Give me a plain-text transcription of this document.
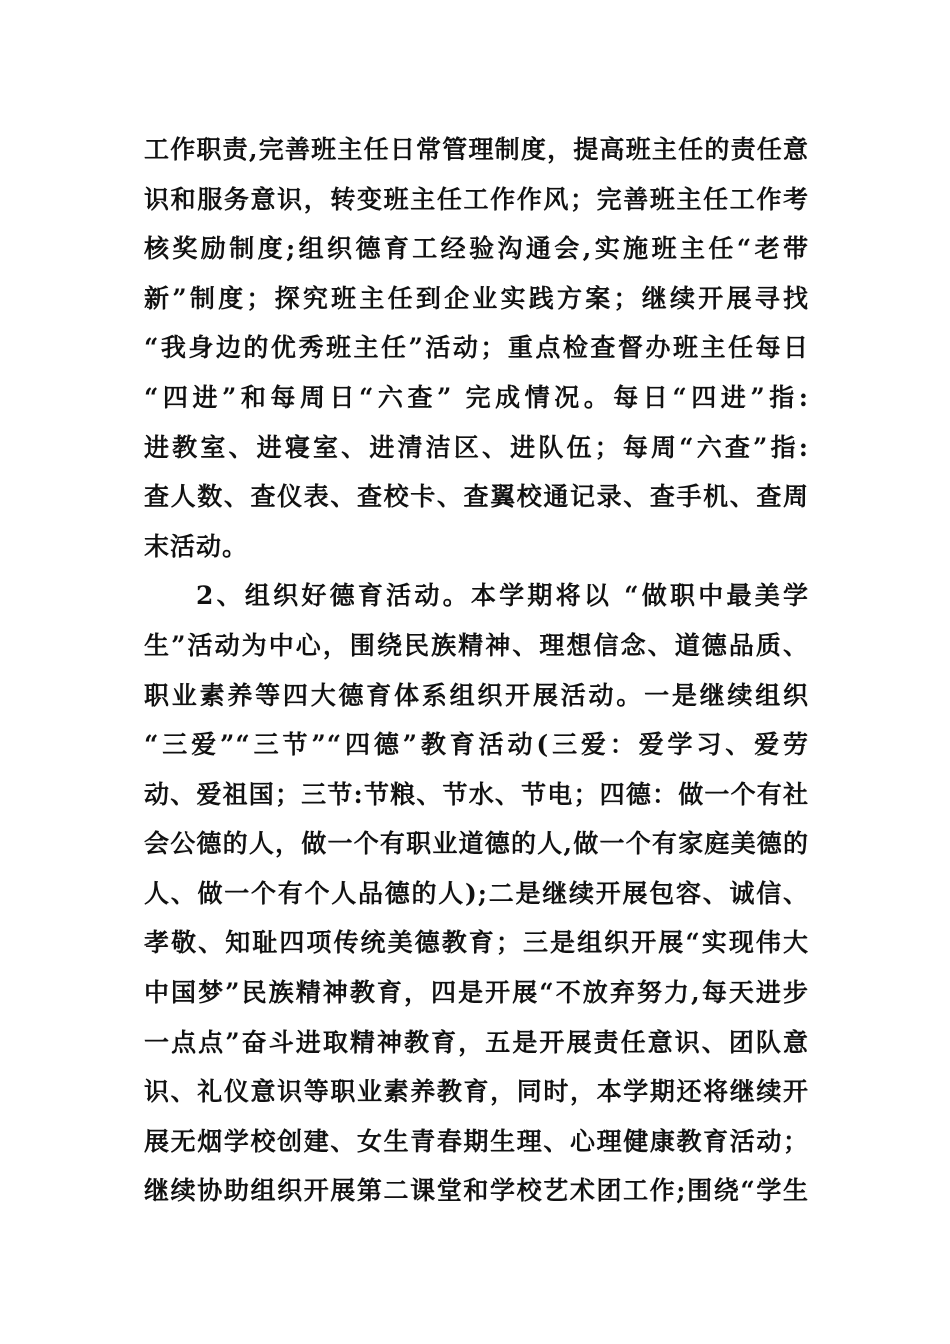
工作职责,完善班主任日常管理制度，提高班主任的责任意
识和服务意识，转变班主任工作作风；完善班主任工作考
核奖励制度;组织德育工经验沟通会,实施班主任“老带
新”制度；探究班主任到企业实践方案；继续开展寻找
“我身边的优秀班主任”活动；重点检查督办班主任每日
“四进”和每周日“六查” 完成情况。每日“四进”指:
进教室、进寝室、进清洁区、进队伍；每周“六查”指:
查人数、查仪表、查校卡、查翼校通记录、查手机、查周
末活动。
2、组织好德育活动。本学期将以 “做职中最美学
生”活动为中心，围绕民族精神、理想信念、道德品质、
职业素养等四大德育体系组织开展活动。一是继续组织
“三爱”“三节”“四德”教育活动(三爱：爱学习、爱劳
动、爱祖国；三节:节粮、节水、节电；四德：做一个有社
会公德的人，做一个有职业道德的人,做一个有家庭美德的
人、做一个有个人品德的人);二是继续开展包容、诚信、
孝敬、知耻四项传统美德教育；三是组织开展“实现伟大
中国梦”民族精神教育，四是开展“不放弃努力,每天进步
一点点”奋斗进取精神教育，五是开展责任意识、团队意
识、礼仪意识等职业素养教育，同时，本学期还将继续开
展无烟学校创建、女生青春期生理、心理健康教育活动；
继续协助组织开展第二课堂和学校艺术团工作;围绕“学生
